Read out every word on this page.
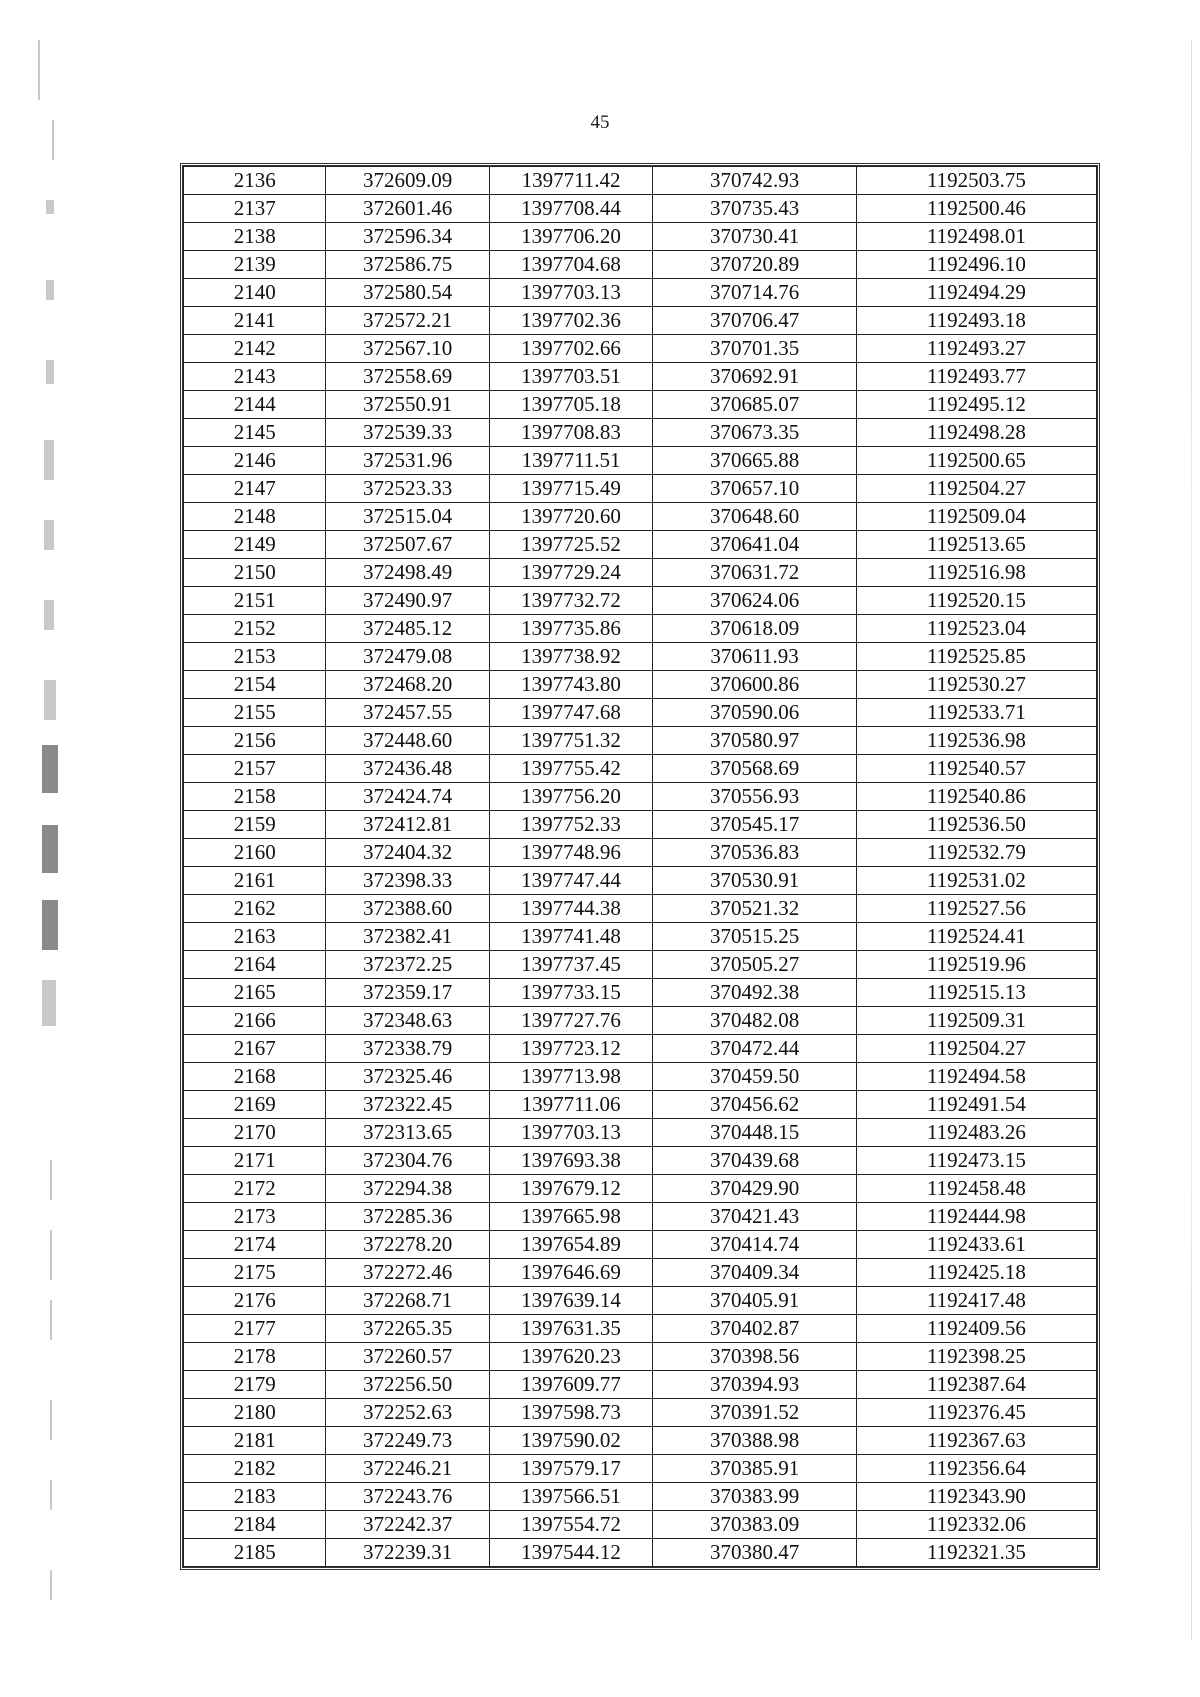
45
2136	372609.09	1397711.42	370742.93	1192503.75
2137	372601.46	1397708.44	370735.43	1192500.46
2138	372596.34	1397706.20	370730.41	1192498.01
2139	372586.75	1397704.68	370720.89	1192496.10
2140	372580.54	1397703.13	370714.76	1192494.29
2141	372572.21	1397702.36	370706.47	1192493.18
2142	372567.10	1397702.66	370701.35	1192493.27
2143	372558.69	1397703.51	370692.91	1192493.77
2144	372550.91	1397705.18	370685.07	1192495.12
2145	372539.33	1397708.83	370673.35	1192498.28
2146	372531.96	1397711.51	370665.88	1192500.65
2147	372523.33	1397715.49	370657.10	1192504.27
2148	372515.04	1397720.60	370648.60	1192509.04
2149	372507.67	1397725.52	370641.04	1192513.65
2150	372498.49	1397729.24	370631.72	1192516.98
2151	372490.97	1397732.72	370624.06	1192520.15
2152	372485.12	1397735.86	370618.09	1192523.04
2153	372479.08	1397738.92	370611.93	1192525.85
2154	372468.20	1397743.80	370600.86	1192530.27
2155	372457.55	1397747.68	370590.06	1192533.71
2156	372448.60	1397751.32	370580.97	1192536.98
2157	372436.48	1397755.42	370568.69	1192540.57
2158	372424.74	1397756.20	370556.93	1192540.86
2159	372412.81	1397752.33	370545.17	1192536.50
2160	372404.32	1397748.96	370536.83	1192532.79
2161	372398.33	1397747.44	370530.91	1192531.02
2162	372388.60	1397744.38	370521.32	1192527.56
2163	372382.41	1397741.48	370515.25	1192524.41
2164	372372.25	1397737.45	370505.27	1192519.96
2165	372359.17	1397733.15	370492.38	1192515.13
2166	372348.63	1397727.76	370482.08	1192509.31
2167	372338.79	1397723.12	370472.44	1192504.27
2168	372325.46	1397713.98	370459.50	1192494.58
2169	372322.45	1397711.06	370456.62	1192491.54
2170	372313.65	1397703.13	370448.15	1192483.26
2171	372304.76	1397693.38	370439.68	1192473.15
2172	372294.38	1397679.12	370429.90	1192458.48
2173	372285.36	1397665.98	370421.43	1192444.98
2174	372278.20	1397654.89	370414.74	1192433.61
2175	372272.46	1397646.69	370409.34	1192425.18
2176	372268.71	1397639.14	370405.91	1192417.48
2177	372265.35	1397631.35	370402.87	1192409.56
2178	372260.57	1397620.23	370398.56	1192398.25
2179	372256.50	1397609.77	370394.93	1192387.64
2180	372252.63	1397598.73	370391.52	1192376.45
2181	372249.73	1397590.02	370388.98	1192367.63
2182	372246.21	1397579.17	370385.91	1192356.64
2183	372243.76	1397566.51	370383.99	1192343.90
2184	372242.37	1397554.72	370383.09	1192332.06
2185	372239.31	1397544.12	370380.47	1192321.35
